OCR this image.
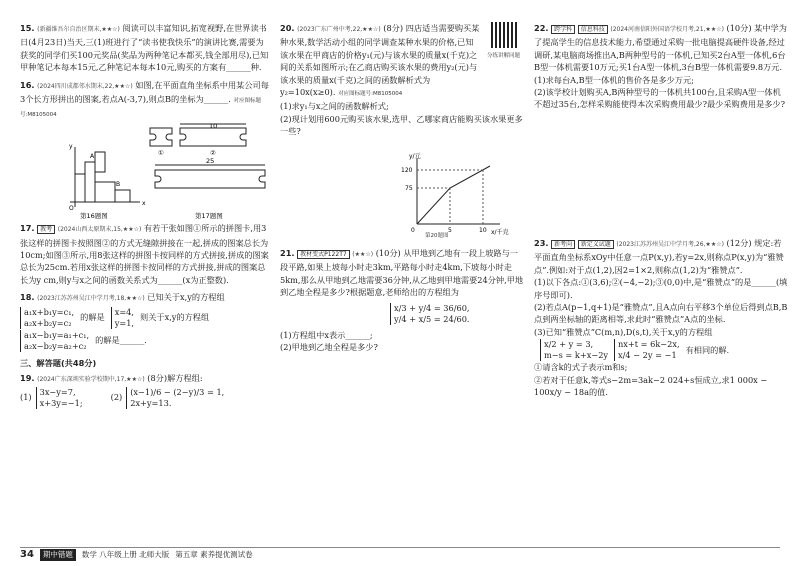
15. (新疆维吾尔自治区期末,★★☆) 阅读可以丰富知识,拓宽视野,在世界读书日(4月23日)当天,三(1)班进行了“读书使我快乐”的演讲比赛,需要为获奖的同学们买100元奖品(奖品为两种笔记本都买,钱全部用尽),已知甲种笔记本每本15元,乙种笔记本每本10元,购买的方案有______种.

16. (2024四川成都邻水期末,22,★★☆) 如图,在平面直角坐标系中用某公司每3个长方形拼出的图案,若点A(-3,7),则点B的坐标为______. 对应图标题号:M8105004

y
O
x
A
B
第16题图
10
25
①	②
第17题图

17. 教考 (2024山西太原期末,15,★★☆) 有若干张如图①所示的拼图卡,用3张这样的拼图卡按照图②的方式无缝隙拼接在一起,拼成的图案总长为10cm;如图③所示,用8张这样的拼图卡按同样的方式拼接,拼成的图案总长为25cm.若用x张这样的拼图卡按同样的方式拼接,拼成的图案总长为y cm,则y与x之间的函数关系式为______(x为正整数).

18. (2023江苏苏州吴江中学月考,18,★★☆) 已知关于x,y的方程组

a₁x+b₁y=c₁,
a₂x+b₂y=c₂
的解是
x=4,
y=1,
则关于x,y的方程组

a₁x−b₁y=a₁+c₁,
a₂x−b₂y=a₂+c₂
的解是______.

三、解答题(共48分)

19. (2024广东深圳实验学校期中,17,★★☆) (8分)解方程组:

(1)
3x−y=7,
x+3y=−1;
(2)
(x−1)/6 − (2−y)/3 = 1,
2x+y=13.

分练讲解同题

20. (2023广东广州中考,22,★★☆) (8分) 四店适当需要购买某种水果,数学活动小组的同学调查某种水果的价格,已知该水果在甲商店的价格y₁(元)与该水果的质量x(千克)之间的关系如图所示;在乙商店购买该水果的费用y₂(元)与该水果的质量x(千克)之间的函数解析式为y₂=10x(x≥0). 对应图标题号:M8105004

(1)求y₁与x之间的函数解析式;

(2)现计划用600元购买该水果,选甲、乙哪家商店能购买该水果更多一些?

y/元
x/千克
120
75
0	5	10

第20题图

21. 教材变式P122T7 (★★☆) (10分) 从甲地到乙地有一段上坡路与一段平路,如果上坡每小时走3km,平路每小时走4km,下坡每小时走5km,那么从甲地到乙地需要36分钟,从乙地到甲地需要24分钟,甲地到乙地全程是多少?根据题意,老师给出的方程组为

x/3 + y/4 = 36/60,
y/4 + x/5 = 24/60.

(1)方程组中x表示______;

(2)甲地到乙地全程是多少?

22. 跨学科 信息科技 (2024河南信阳外国语学校月考,21,★★☆) (10分) 某中学为了提高学生的信息技术能力,希望通过采购一批电脑提高硬件设备,经过调研,某电脑商场推出A,B两种型号的一体机,已知买2台A型一体机,6台B型一体机需要10万元;买1台A型一体机,3台B型一体机需要9.8万元.

(1)求每台A,B型一体机的售价各是多少万元;

(2)该学校计划购买A,B两种型号的一体机共100台,且采购A型一体机不超过35台,怎样采购能使得本次采购费用最少?最少采购费用是多少?

23. 新考向 新定义试题 (2023江苏苏州吴江中学月考,26,★★☆) (12分) 规定:若平面直角坐标系xOy中任意一点P(x,y),若y=2x,则称点P(x,y)为“雅赞点”.例如:对于点(1,2),因2=1×2,则称点(1,2)为“雅赞点”.

(1)以下各点:①(3,6);②(−4,−2);③(0,0)中,是“雅赞点”的是______(填序号即可).

(2)若点A(p−1,q+1)是“雅赞点”,且A点向右平移3个单位后得到点B,B点到两坐标轴的距离相等,求此时“雅赞点”A点的坐标.

(3)已知“雅赞点”C(m,n),D(s,t),关于x,y的方程组

x/2 + y = 3,
m−s = k+x−2y
nx+t = 6k−2x,
x/4 − 2y = −1
有相同的解.

①请含k的式子表示m和s;

②若对于任意k,等式s−2m=3ak−2 024+s恒成立,求1 000x − 100x/y − 18a的值.

34	期中错题	数学 八年级上册 北师大版 第五章 素养提优测试卷
